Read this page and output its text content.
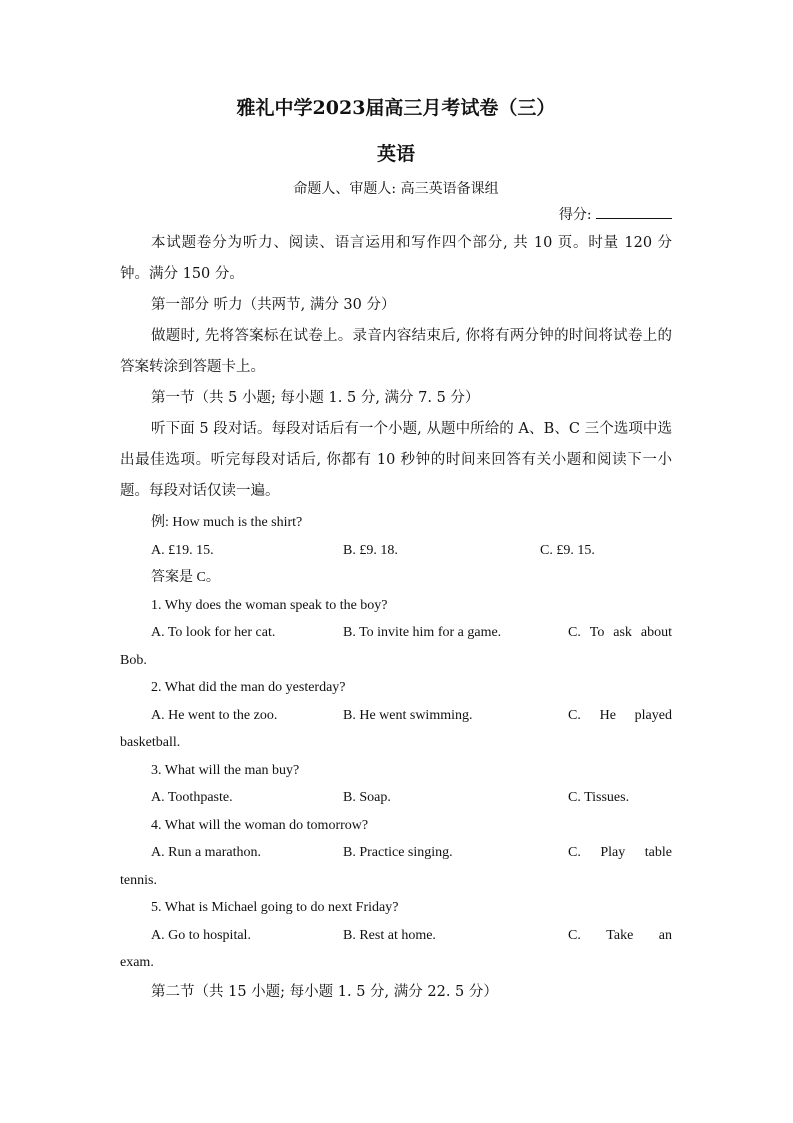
雅礼中学2023届高三月考试卷（三）
英语
命题人、审题人: 高三英语备课组
得分:

本试题卷分为听力、阅读、语言运用和写作四个部分, 共 10 页。时量 120 分钟。满分 150 分。

第一部分 听力（共两节, 满分 30 分）

做题时, 先将答案标在试卷上。录音内容结束后, 你将有两分钟的时间将试卷上的答案转涂到答题卡上。

第一节（共 5 小题; 每小题 1. 5 分, 满分 7. 5 分）

听下面 5 段对话。每段对话后有一个小题, 从题中所给的 A、B、C 三个选项中选出最佳选项。听完每段对话后, 你都有 10 秒钟的时间来回答有关小题和阅读下一小题。每段对话仅读一遍。

例: How much is the shirt?
A. £19. 15.	B. £9. 18.	C. £9. 15.
答案是 C。
1. Why does the woman speak to the boy?
A. To look for her cat.	B. To invite him for a game.	C. To ask about
Bob.
2. What did the man do yesterday?
A. He went to the zoo.	B. He went swimming.	C. He played
basketball.
3. What will the man buy?
A. Toothpaste.	B. Soap.	C. Tissues.
4. What will the woman do tomorrow?
A. Run a marathon.	B. Practice singing.	C. Play table
tennis.
5. What is Michael going to do next Friday?
A. Go to hospital.	B. Rest at home.	C. Take an
exam.

第二节（共 15 小题; 每小题 1. 5 分, 满分 22. 5 分）
